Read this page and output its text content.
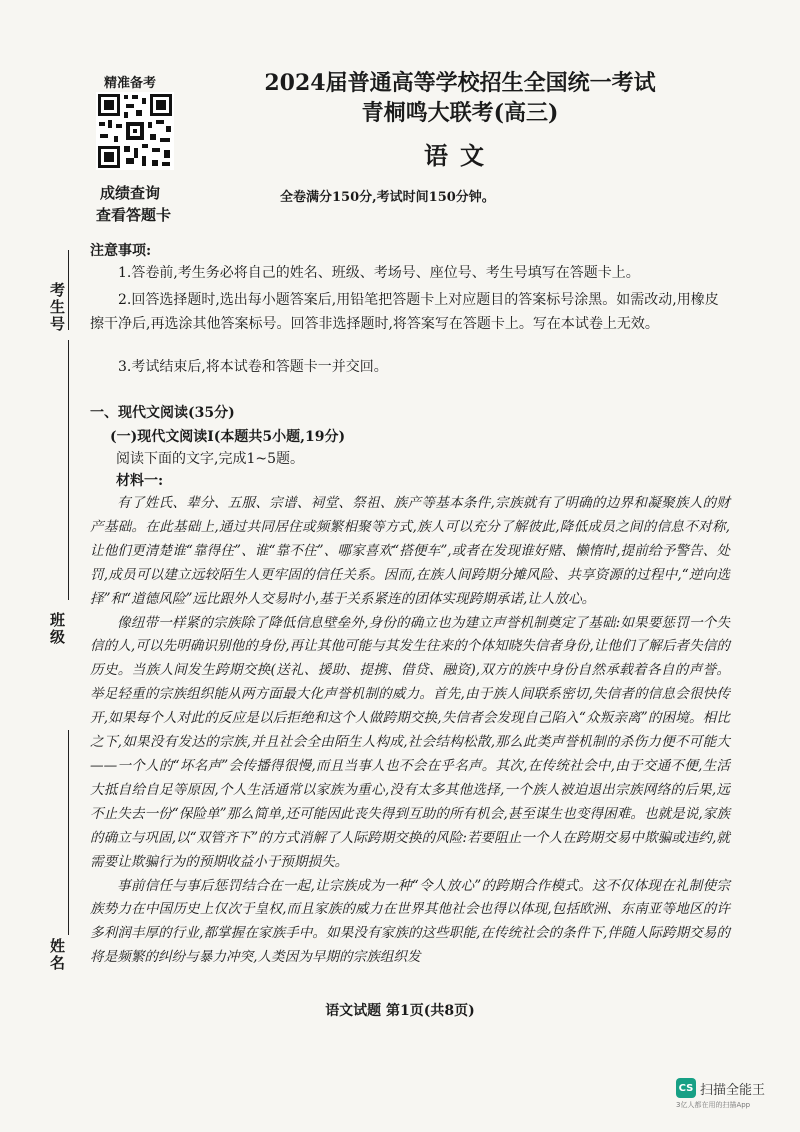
考生号
班级
姓名
精准备考
成绩查询
查看答题卡
2024届普通高等学校招生全国统一考试
青桐鸣大联考(高三)
语文
全卷满分150分,考试时间150分钟。
注意事项:

1.答卷前,考生务必将自己的姓名、班级、考场号、座位号、考生号填写在答题卡上。

2.回答选择题时,选出每小题答案后,用铅笔把答题卡上对应题目的答案标号涂黑。如需改动,用橡皮擦干净后,再选涂其他答案标号。回答非选择题时,将答案写在答题卡上。写在本试卷上无效。

3.考试结束后,将本试卷和答题卡一并交回。

一、现代文阅读(35分)
(一)现代文阅读Ⅰ(本题共5小题,19分)
阅读下面的文字,完成1~5题。
材料一:

有了姓氏、辈分、五服、宗谱、祠堂、祭祖、族产等基本条件,宗族就有了明确的边界和凝聚族人的财产基础。在此基础上,通过共同居住或频繁相聚等方式,族人可以充分了解彼此,降低成员之间的信息不对称,让他们更清楚谁“靠得住”、谁“靠不住”、哪家喜欢“搭便车”,或者在发现谁好赌、懒惰时,提前给予警告、处罚,成员可以建立远较陌生人更牢固的信任关系。因而,在族人间跨期分摊风险、共享资源的过程中,“逆向选择”和“道德风险”远比跟外人交易时小,基于关系紧连的团体实现跨期承诺,让人放心。

像纽带一样紧的宗族除了降低信息壁垒外,身份的确立也为建立声誉机制奠定了基础:如果要惩罚一个失信的人,可以先明确识别他的身份,再让其他可能与其发生往来的个体知晓失信者身份,让他们了解后者失信的历史。当族人间发生跨期交换(送礼、援助、提携、借贷、融资),双方的族中身份自然承载着各自的声誉。举足轻重的宗族组织能从两方面最大化声誉机制的威力。首先,由于族人间联系密切,失信者的信息会很快传开,如果每个人对此的反应是以后拒绝和这个人做跨期交换,失信者会发现自己陷入“众叛亲离”的困境。相比之下,如果没有发达的宗族,并且社会全由陌生人构成,社会结构松散,那么此类声誉机制的杀伤力便不可能大——一个人的“坏名声”会传播得很慢,而且当事人也不会在乎名声。其次,在传统社会中,由于交通不便,生活大抵自给自足等原因,个人生活通常以家族为重心,没有太多其他选择,一个族人被迫退出宗族网络的后果,远不止失去一份“保险单”那么简单,还可能因此丧失得到互助的所有机会,甚至谋生也变得困难。也就是说,家族的确立与巩固,以“双管齐下”的方式消解了人际跨期交换的风险:若要阻止一个人在跨期交易中欺骗或违约,就需要让欺骗行为的预期收益小于预期损失。

事前信任与事后惩罚结合在一起,让宗族成为一种“令人放心”的跨期合作模式。这不仅体现在礼制使宗族势力在中国历史上仅次于皇权,而且家族的威力在世界其他社会也得以体现,包括欧洲、东南亚等地区的许多利润丰厚的行业,都掌握在家族手中。如果没有家族的这些职能,在传统社会的条件下,伴随人际跨期交易的将是频繁的纠纷与暴力冲突,人类因为早期的宗族组织发

语文试题 第1页(共8页)
CS 扫描全能王
3亿人都在用的扫描App
